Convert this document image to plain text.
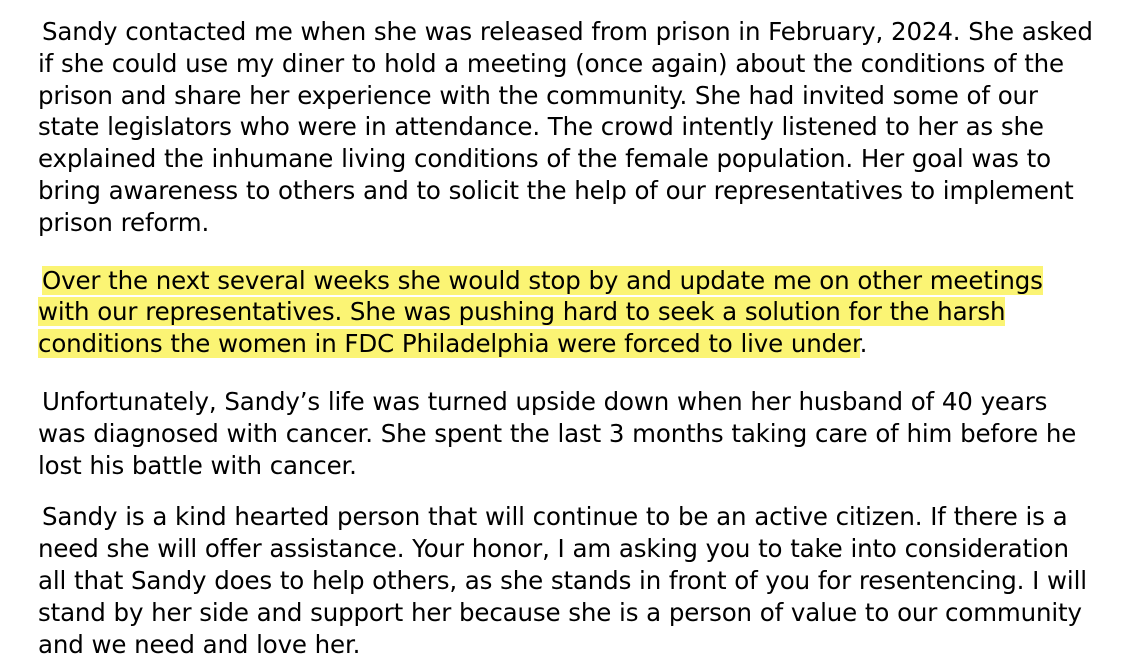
Sandy contacted me when she was released from prison in February, 2024. She asked if she could use my diner to hold a meeting (once again) about the conditions of the prison and share her experience with the community. She had invited some of our state legislators who were in attendance. The crowd intently listened to her as she explained the inhumane living conditions of the female population. Her goal was to bring awareness to others and to solicit the help of our representatives to implement prison reform.

Over the next several weeks she would stop by and update me on other meetings with our representatives. She was pushing hard to seek a solution for the harsh conditions the women in FDC Philadelphia were forced to live under.

Unfortunately, Sandy’s life was turned upside down when her husband of 40 years was diagnosed with cancer. She spent the last 3 months taking care of him before he lost his battle with cancer.

Sandy is a kind hearted person that will continue to be an active citizen. If there is a need she will offer assistance. Your honor, I am asking you to take into consideration all that Sandy does to help others, as she stands in front of you for resentencing. I will stand by her side and support her because she is a person of value to our community and we need and love her.
